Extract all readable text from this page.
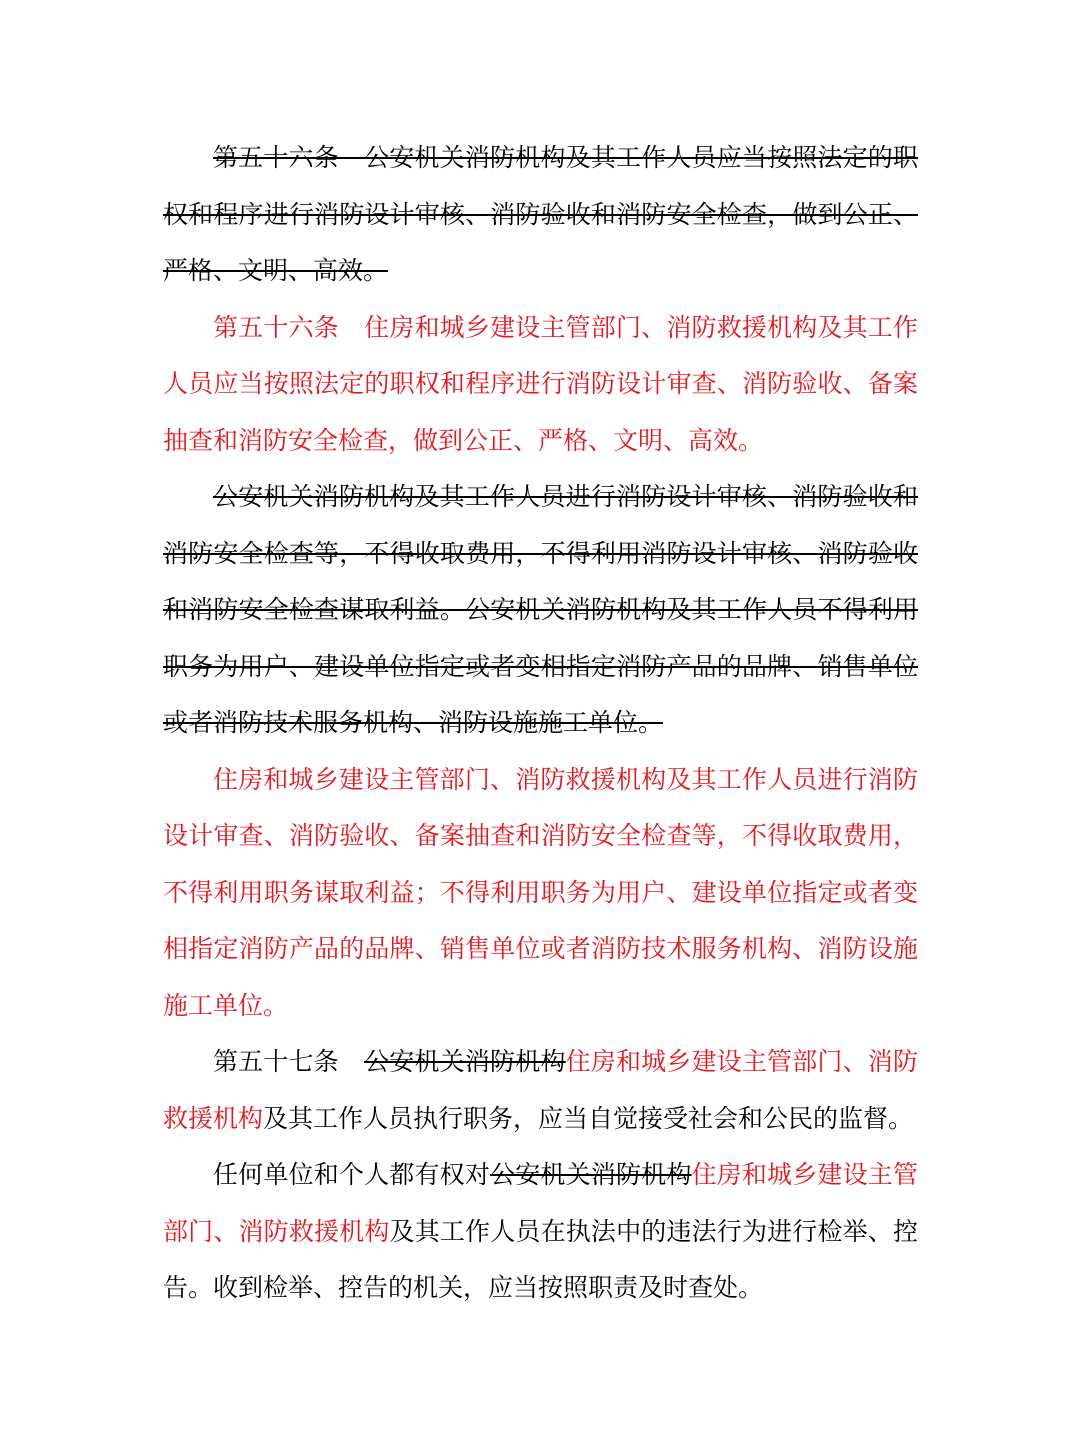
第五十六条　公安机关消防机构及其工作人员应当按照法定的职权和程序进行消防设计审核、消防验收和消防安全检查，做到公正、严格、文明、高效。

第五十六条　住房和城乡建设主管部门、消防救援机构及其工作人员应当按照法定的职权和程序进行消防设计审查、消防验收、备案抽查和消防安全检查，做到公正、严格、文明、高效。

公安机关消防机构及其工作人员进行消防设计审核、消防验收和消防安全检查等，不得收取费用，不得利用消防设计审核、消防验收和消防安全检查谋取利益。公安机关消防机构及其工作人员不得利用职务为用户、建设单位指定或者变相指定消防产品的品牌、销售单位或者消防技术服务机构、消防设施施工单位。

住房和城乡建设主管部门、消防救援机构及其工作人员进行消防设计审查、消防验收、备案抽查和消防安全检查等，不得收取费用，不得利用职务谋取利益；不得利用职务为用户、建设单位指定或者变相指定消防产品的品牌、销售单位或者消防技术服务机构、消防设施施工单位。

第五十七条　公安机关消防机构住房和城乡建设主管部门、消防救援机构及其工作人员执行职务，应当自觉接受社会和公民的监督。

任何单位和个人都有权对公安机关消防机构住房和城乡建设主管部门、消防救援机构及其工作人员在执法中的违法行为进行检举、控告。收到检举、控告的机关，应当按照职责及时查处。
